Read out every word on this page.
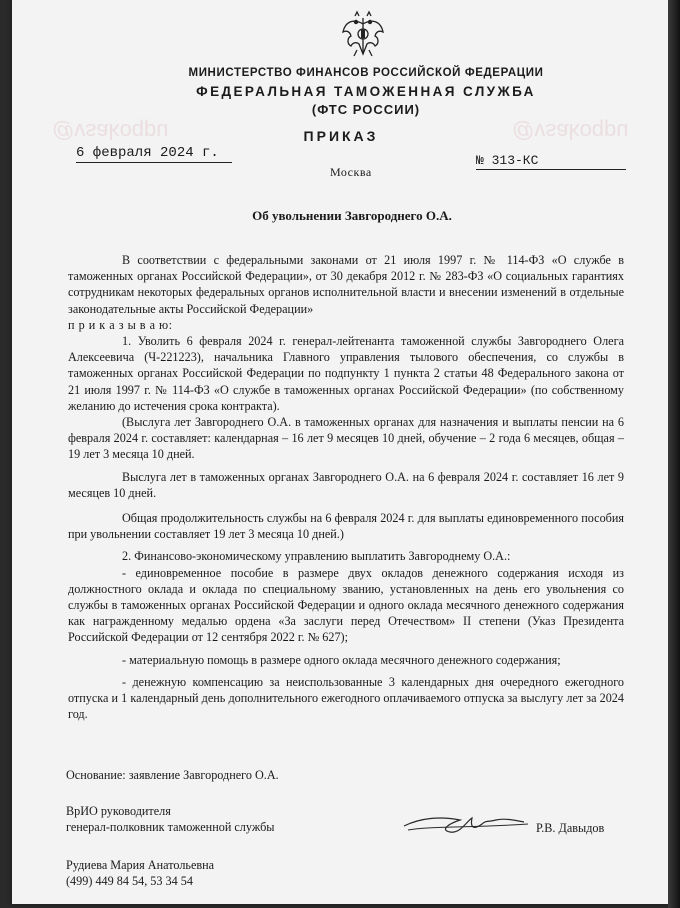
@vsakoqpu	@vsakoqpu
МИНИСТЕРСТВО ФИНАНСОВ РОССИЙСКОЙ ФЕДЕРАЦИИ
ФЕДЕРАЛЬНАЯ ТАМОЖЕННАЯ СЛУЖБА
(ФТС РОССИИ)
ПРИКАЗ
6 февраля 2024 г.	№ 313-КС
Москва
Об увольнении Завгороднего О.А.

В соответствии с федеральными законами от 21 июля 1997 г. № 114-ФЗ «О службе в таможенных органах Российской Федерации», от 30 декабря 2012 г. № 283-ФЗ «О социальных гарантиях сотрудникам некоторых федеральных органов исполнительной власти и внесении изменений в отдельные законодательные акты Российской Федерации»

п р и к а з ы в а ю:

1. Уволить 6 февраля 2024 г. генерал-лейтенанта таможенной службы Завгороднего Олега Алексеевича (Ч-221223), начальника Главного управления тылового обеспечения, со службы в таможенных органах Российской Федерации по подпункту 1 пункта 2 статьи 48 Федерального закона от 21 июля 1997 г. № 114-ФЗ «О службе в таможенных органах Российской Федерации» (по собственному желанию до истечения срока контракта).

(Выслуга лет Завгороднего О.А. в таможенных органах для назначения и выплаты пенсии на 6 февраля 2024 г. составляет: календарная – 16 лет 9 месяцев 10 дней, обучение – 2 года 6 месяцев, общая – 19 лет 3 месяца 10 дней.

Выслуга лет в таможенных органах Завгороднего О.А. на 6 февраля 2024 г. составляет 16 лет 9 месяцев 10 дней.

Общая продолжительность службы на 6 февраля 2024 г. для выплаты единовременного пособия при увольнении составляет 19 лет 3 месяца 10 дней.)

2. Финансово-экономическому управлению выплатить Завгороднему О.А.:

- единовременное пособие в размере двух окладов денежного содержания исходя из должностного оклада и оклада по специальному званию, установленных на день его увольнения со службы в таможенных органах Российской Федерации и одного оклада месячного денежного содержания как награжденному медалью ордена «За заслуги перед Отечеством» II степени (Указ Президента Российской Федерации от 12 сентября 2022 г. № 627);

- материальную помощь в размере одного оклада месячного денежного содержания;

- денежную компенсацию за неиспользованные 3 календарных дня очередного ежегодного отпуска и 1 календарный день дополнительного ежегодного оплачиваемого отпуска за выслугу лет за 2024 год.

Основание: заявление Завгороднего О.А.
ВрИО руководителя
генерал-полковник таможенной службы	Р.В. Давыдов
Рудиева Мария Анатольевна
(499) 449 84 54, 53 34 54
